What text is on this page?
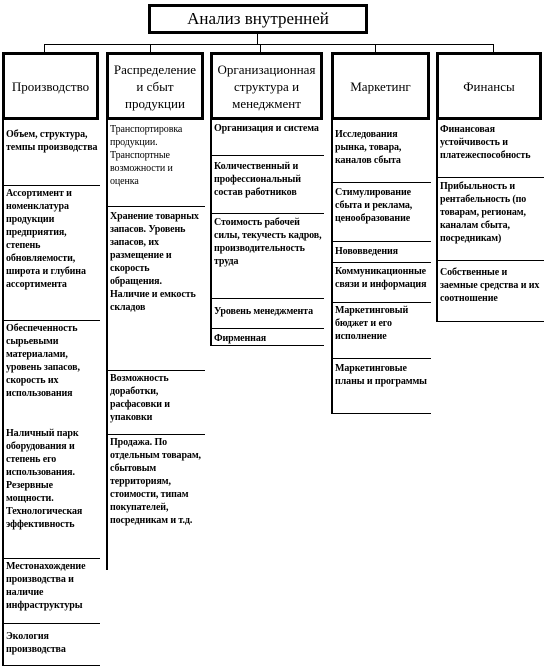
Анализ внутренней
Производство
Распределение и сбыт продукции
Организационная структура и менеджмент
Маркетинг	Финансы
Объем, структура, темпы производства
Ассортимент и номенклатура продукции предприятия, степень обновляемости, широта и глубина ассортимента
Обеспеченность сырьевыми материалами, уровень запасов, скорость их использования
Наличный парк оборудования и степень его использования. Резервные мощности. Технологическая эффективность
Местонахождение производства и наличие инфраструктуры
Экология производства
Транспортировка продукции. Транспортные возможности и оценка
Хранение товарных запасов. Уровень запасов, их размещение и скорость обращения. Наличие и емкость складов
Возможность доработки, расфасовки и упаковки
Продажа. По отдельным товарам, сбытовым территориям, стоимости, типам покупателей, посредникам и т.д.
Организация и система
Количественный и профессиональный состав работников
Стоимость рабочей силы, текучесть кадров, производительность труда
Уровень менеджмента
Фирменная
Исследования рынка, товара, каналов сбыта
Стимулирование сбыта и реклама, ценообразование
Нововведения
Коммуникационные связи и информация
Маркетинговый бюджет и его исполнение
Маркетинговые планы и программы
Финансовая устойчивость и платежеспособность
Прибыльность и рентабельность (по товарам, регионам, каналам сбыта, посредникам)
Собственные и заемные средства и их соотношение
